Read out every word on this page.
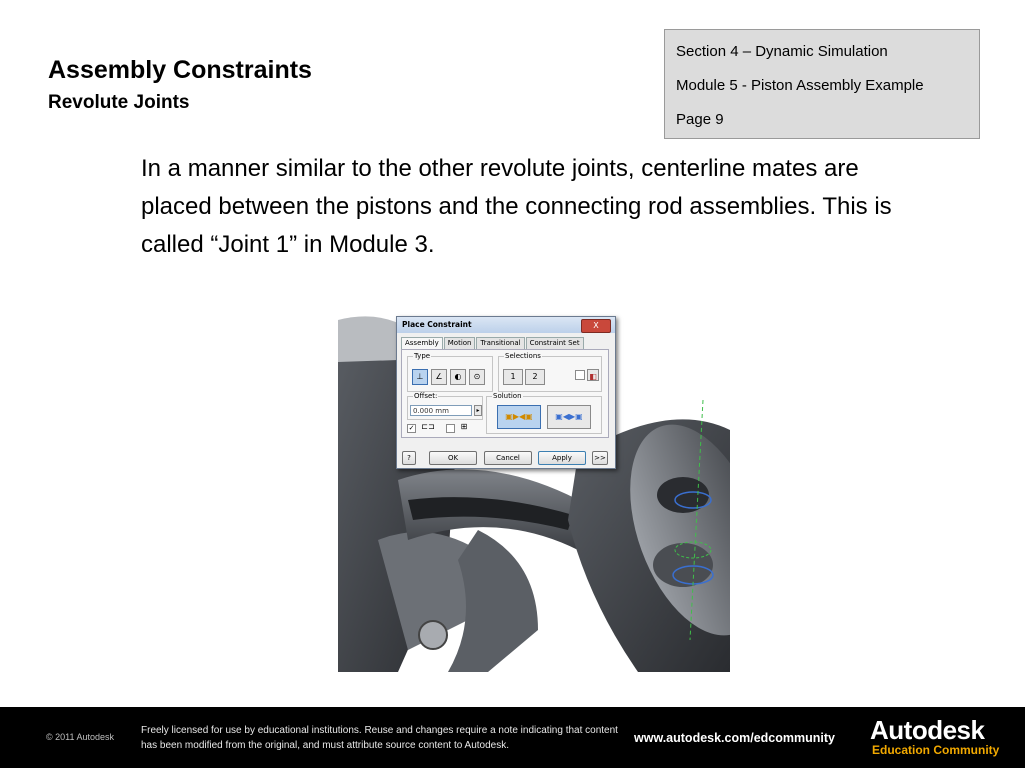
Assembly Constraints
Revolute Joints
Section 4 – Dynamic Simulation
Module 5 - Piston Assembly Example
Page 9
In a manner similar to the other revolute joints, centerline mates are placed between the pistons and the connecting rod assemblies. This is called “Joint 1” in Module 3.
Place Constraint	X
Assembly	Motion	Transitional	Constraint Set
Type
⊥	∠	◐	⊙
Selections
1	2	◧
Offset:
0.000 mm	▸
Solution
▣▶◀▣	▣◀▶▣
✓ ⊏⊐	⊞
?	OK	Cancel	Apply	>>
© 2011 Autodesk
Freely licensed for use by educational institutions. Reuse and changes require a note indicating that content has been modified from the original, and must attribute source content to Autodesk.
www.autodesk.com/edcommunity Autodesk
Education Community
